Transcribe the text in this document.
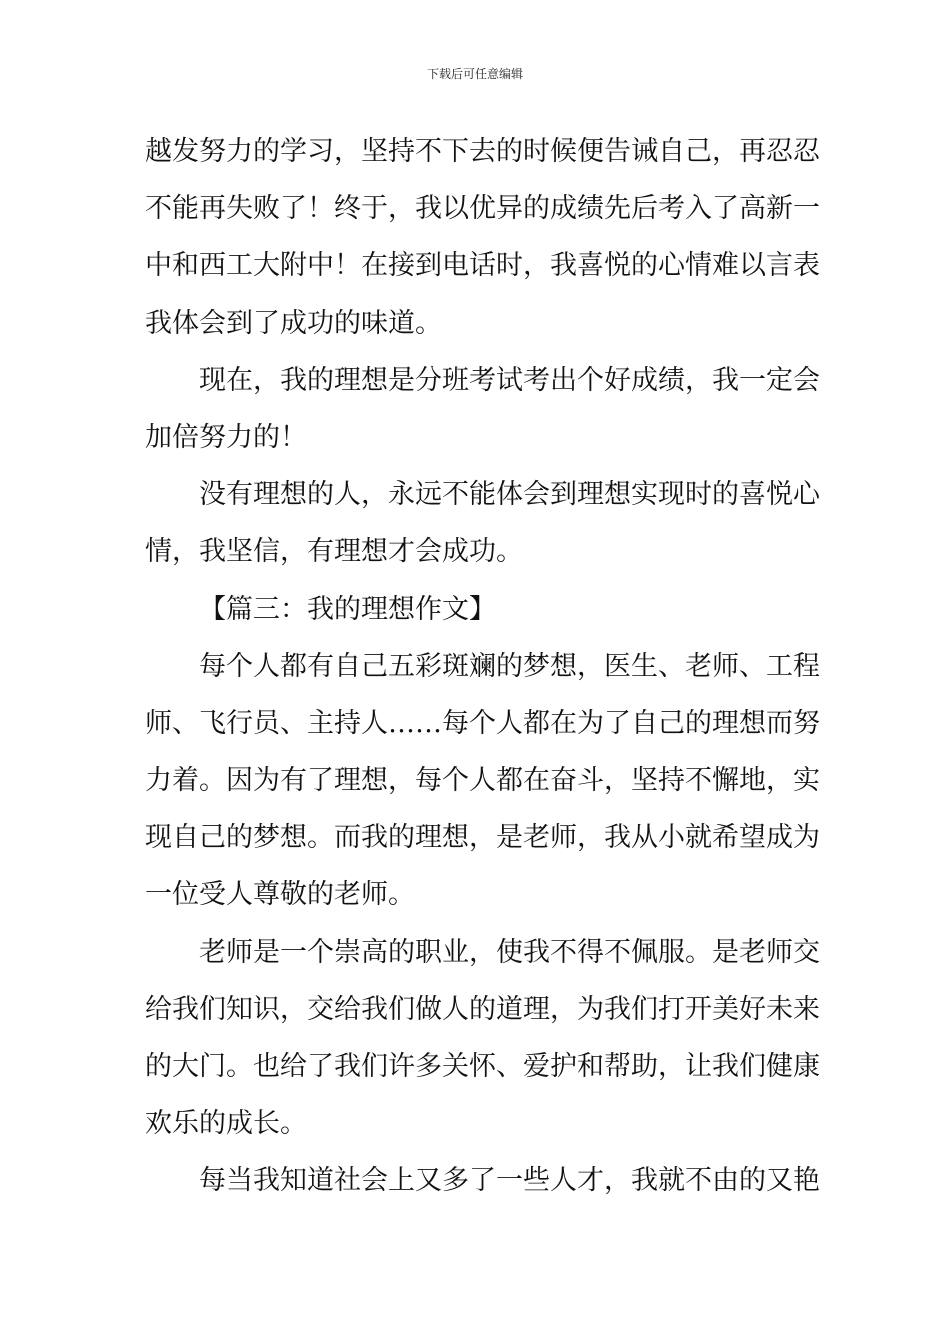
下载后可任意编辑
越发努力的学习，坚持不下去的时候便告诫自己，再忍忍
不能再失败了！终于，我以优异的成绩先后考入了高新一
中和西工大附中！在接到电话时，我喜悦的心情难以言表
我体会到了成功的味道。
现在，我的理想是分班考试考出个好成绩，我一定会
加倍努力的！
没有理想的人，永远不能体会到理想实现时的喜悦心
情，我坚信，有理想才会成功。
【篇三：我的理想作文】
每个人都有自己五彩斑斓的梦想，医生、老师、工程
师、飞行员、主持人……每个人都在为了自己的理想而努
力着。因为有了理想，每个人都在奋斗，坚持不懈地，实
现自己的梦想。而我的理想，是老师，我从小就希望成为
一位受人尊敬的老师。
老师是一个崇高的职业，使我不得不佩服。是老师交
给我们知识，交给我们做人的道理，为我们打开美好未来
的大门。也给了我们许多关怀、爱护和帮助，让我们健康
欢乐的成长。
每当我知道社会上又多了一些人才，我就不由的又艳
